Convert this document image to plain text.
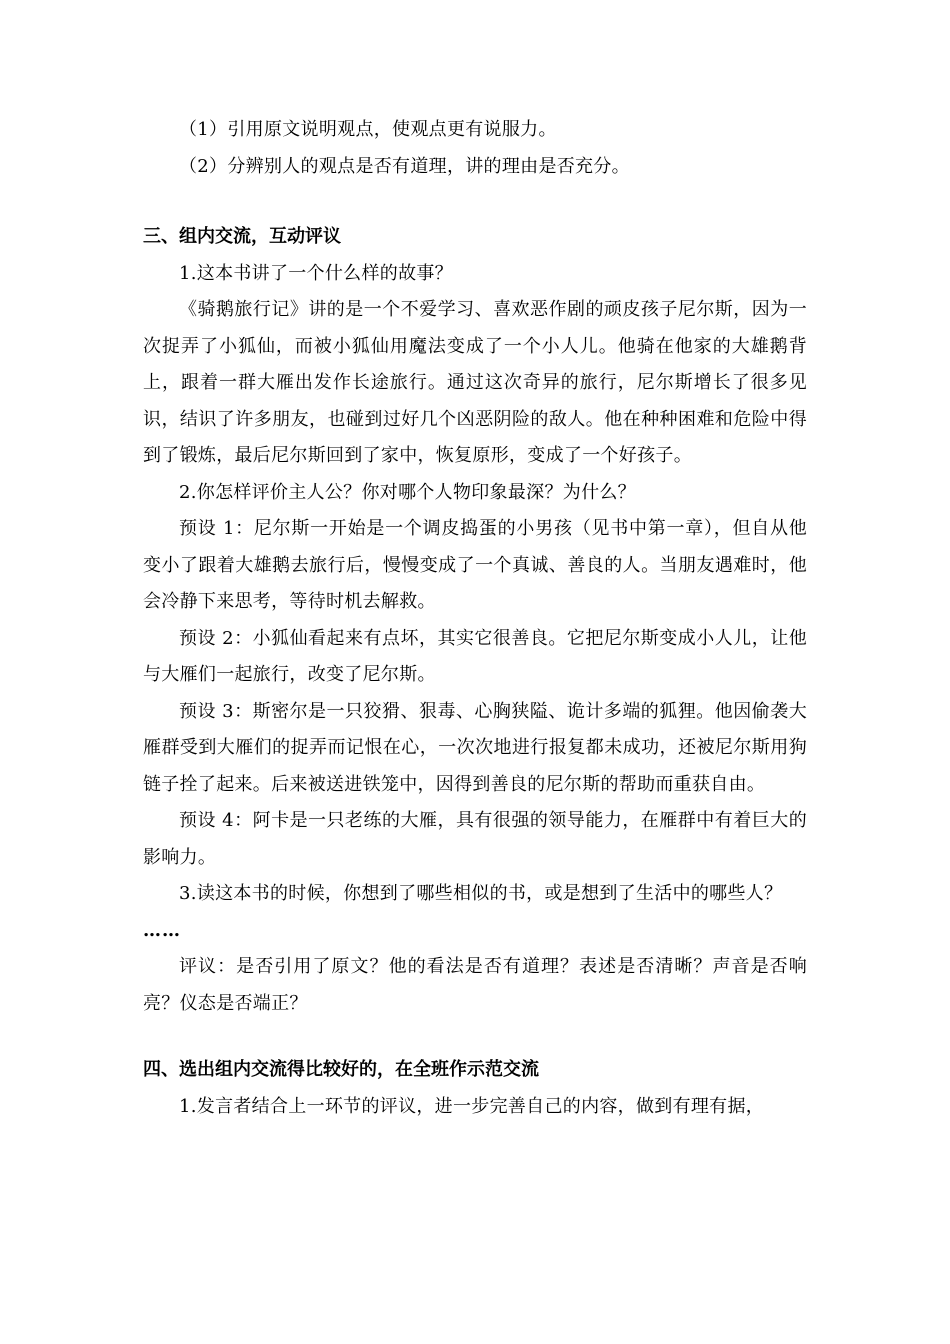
（1）引用原文说明观点，使观点更有说服力。

（2）分辨别人的观点是否有道理，讲的理由是否充分。

三、组内交流，互动评议

1.这本书讲了一个什么样的故事？

《骑鹅旅行记》讲的是一个不爱学习、喜欢恶作剧的顽皮孩子尼尔斯，因为一次捉弄了小狐仙，而被小狐仙用魔法变成了一个小人儿。他骑在他家的大雄鹅背上，跟着一群大雁出发作长途旅行。通过这次奇异的旅行，尼尔斯增长了很多见识，结识了许多朋友，也碰到过好几个凶恶阴险的敌人。他在种种困难和危险中得到了锻炼，最后尼尔斯回到了家中，恢复原形，变成了一个好孩子。

2.你怎样评价主人公？你对哪个人物印象最深？为什么？

预设 1：尼尔斯一开始是一个调皮捣蛋的小男孩（见书中第一章），但自从他变小了跟着大雄鹅去旅行后，慢慢变成了一个真诚、善良的人。当朋友遇难时，他会冷静下来思考，等待时机去解救。

预设 2：小狐仙看起来有点坏，其实它很善良。它把尼尔斯变成小人儿，让他与大雁们一起旅行，改变了尼尔斯。

预设 3：斯密尔是一只狡猾、狠毒、心胸狭隘、诡计多端的狐狸。他因偷袭大雁群受到大雁们的捉弄而记恨在心，一次次地进行报复都未成功，还被尼尔斯用狗链子拴了起来。后来被送进铁笼中，因得到善良的尼尔斯的帮助而重获自由。

预设 4：阿卡是一只老练的大雁，具有很强的领导能力，在雁群中有着巨大的影响力。

3.读这本书的时候，你想到了哪些相似的书，或是想到了生活中的哪些人？

……

评议：是否引用了原文？他的看法是否有道理？表述是否清晰？声音是否响亮？仪态是否端正？

四、选出组内交流得比较好的，在全班作示范交流

1.发言者结合上一环节的评议，进一步完善自己的内容，做到有理有据，
